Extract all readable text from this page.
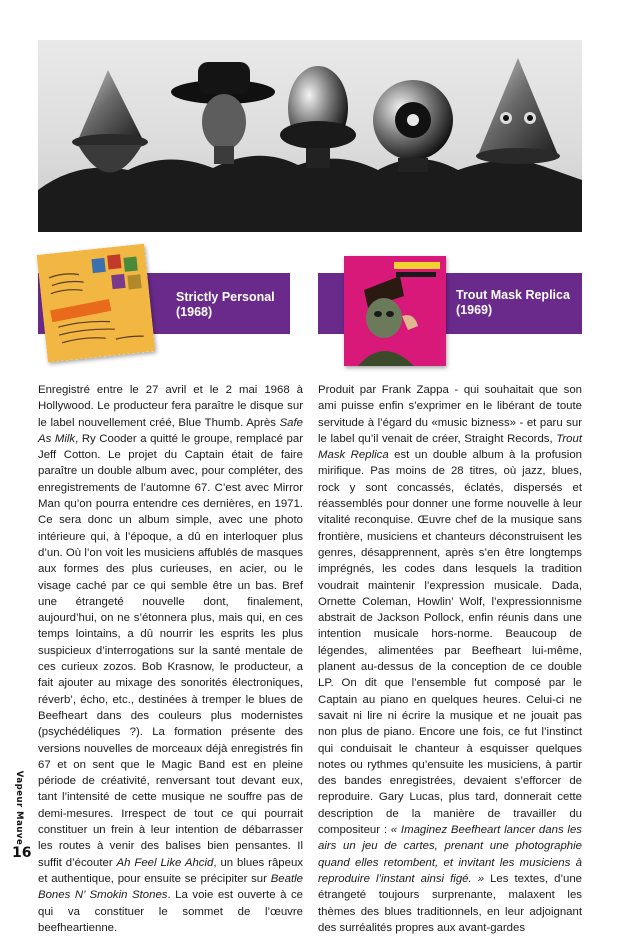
Strictly Personal
(1968)
Trout Mask Replica
(1969)

Enregistré entre le 27 avril et le 2 mai 1968 à Hollywood. Le producteur fera paraître le disque sur le label nouvellement créé, Blue Thumb. Après Safe As Milk, Ry Cooder a quitté le groupe, remplacé par Jeff Cotton. Le projet du Captain était de faire paraître un double album avec, pour compléter, des enregistrements de l’automne 67. C’est avec Mirror Man qu’on pourra entendre ces dernières, en 1971. Ce sera donc un album simple, avec une photo intérieure qui, à l’époque, a dû en interloquer plus d’un. Où l’on voit les musiciens affublés de masques aux formes des plus curieuses, en acier, ou le visage caché par ce qui semble être un bas. Bref une étrangeté nouvelle dont, finalement, aujourd’hui, on ne s’étonnera plus, mais qui, en ces temps lointains, a dû nourrir les esprits les plus suspicieux d’interrogations sur la santé mentale de ces curieux zozos. Bob Krasnow, le producteur, a fait ajouter au mixage des sonorités électroniques, réverb’, écho, etc., destinées à tremper le blues de Beefheart dans des couleurs plus modernistes (psychédéliques ?). La formation présente des versions nouvelles de morceaux déjà enregistrés fin 67 et on sent que le Magic Band est en pleine période de créativité, renversant tout devant eux, tant l’intensité de cette musique ne souffre pas de demi-mesures. Irrespect de tout ce qui pourrait constituer un frein à leur intention de débarrasser les routes à venir des balises bien pensantes. Il suffit d’écouter Ah Feel Like Ahcid, un blues râpeux et authentique, pour ensuite se précipiter sur Beatle Bones N’ Smokin Stones. La voie est ouverte à ce qui va constituer le sommet de l’œuvre beefheartienne.

Produit par Frank Zappa - qui souhaitait que son ami puisse enfin s’exprimer en le libérant de toute servitude à l’égard du «music bizness» - et paru sur le label qu’il venait de créer, Straight Records, Trout Mask Replica est un double album à la profusion mirifique. Pas moins de 28 titres, où jazz, blues, rock y sont concassés, éclatés, dispersés et réassemblés pour donner une forme nouvelle à leur vitalité reconquise. Œuvre chef de la musique sans frontière, musiciens et chanteurs déconstruisent les genres, désapprennent, après s’en être longtemps imprégnés, les codes dans lesquels la tradition voudrait maintenir l’expression musicale. Dada, Ornette Coleman, Howlin’ Wolf, l’expressionnisme abstrait de Jackson Pollock, enfin réunis dans une intention musicale hors-norme. Beaucoup de légendes, alimentées par Beefheart lui-même, planent au-dessus de la conception de ce double LP. On dit que l’ensemble fut composé par le Captain au piano en quelques heures. Celui-ci ne savait ni lire ni écrire la musique et ne jouait pas non plus de piano. Encore une fois, ce fut l’instinct qui conduisait le chanteur à esquisser quelques notes ou rythmes qu’ensuite les musiciens, à partir des bandes enregistrées, devaient s’efforcer de reproduire. Gary Lucas, plus tard, donnerait cette description de la manière de travailler du compositeur : « Imaginez Beefheart lancer dans les airs un jeu de cartes, prenant une photographie quand elles retombent, et invitant les musiciens à reproduire l’instant ainsi figé. » Les textes, d’une étrangeté toujours surprenante, malaxent les thèmes des blues traditionnels, en leur adjoignant des surréalités propres aux avant-gardes

Vapeur Mauve
16
